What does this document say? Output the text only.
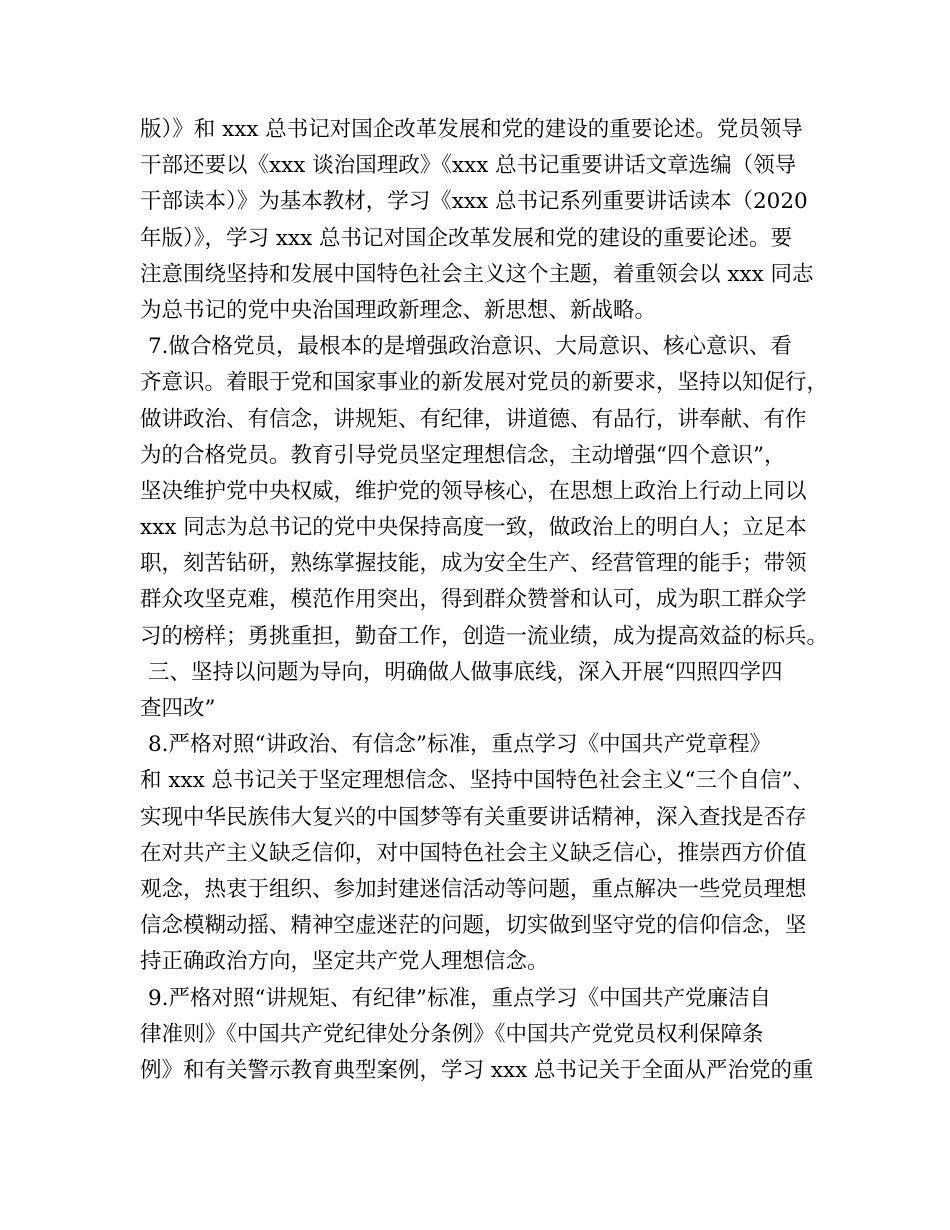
版）》和 xxx 总书记对国企改革发展和党的建设的重要论述。党员领导
干部还要以《xxx 谈治国理政》《xxx 总书记重要讲话文章选编（领导
干部读本）》为基本教材，学习《xxx 总书记系列重要讲话读本（2020
年版）》，学习 xxx 总书记对国企改革发展和党的建设的重要论述。要
注意围绕坚持和发展中国特色社会主义这个主题，着重领会以 xxx 同志
为总书记的党中央治国理政新理念、新思想、新战略。
7.做合格党员，最根本的是增强政治意识、大局意识、核心意识、看
齐意识。着眼于党和国家事业的新发展对党员的新要求，坚持以知促行，
做讲政治、有信念，讲规矩、有纪律，讲道德、有品行，讲奉献、有作
为的合格党员。教育引导党员坚定理想信念，主动增强“四个意识”，
坚决维护党中央权威，维护党的领导核心，在思想上政治上行动上同以
xxx 同志为总书记的党中央保持高度一致，做政治上的明白人；立足本
职，刻苦钻研，熟练掌握技能，成为安全生产、经营管理的能手；带领
群众攻坚克难，模范作用突出，得到群众赞誉和认可，成为职工群众学
习的榜样；勇挑重担，勤奋工作，创造一流业绩，成为提高效益的标兵。
三、坚持以问题为导向，明确做人做事底线，深入开展“四照四学四
查四改”
8.严格对照“讲政治、有信念”标准，重点学习《中国共产党章程》
和 xxx 总书记关于坚定理想信念、坚持中国特色社会主义“三个自信”、
实现中华民族伟大复兴的中国梦等有关重要讲话精神，深入查找是否存
在对共产主义缺乏信仰，对中国特色社会主义缺乏信心，推崇西方价值
观念，热衷于组织、参加封建迷信活动等问题，重点解决一些党员理想
信念模糊动摇、精神空虚迷茫的问题，切实做到坚守党的信仰信念，坚
持正确政治方向，坚定共产党人理想信念。
9.严格对照“讲规矩、有纪律”标准，重点学习《中国共产党廉洁自
律准则》《中国共产党纪律处分条例》《中国共产党党员权利保障条
例》和有关警示教育典型案例，学习 xxx 总书记关于全面从严治党的重
